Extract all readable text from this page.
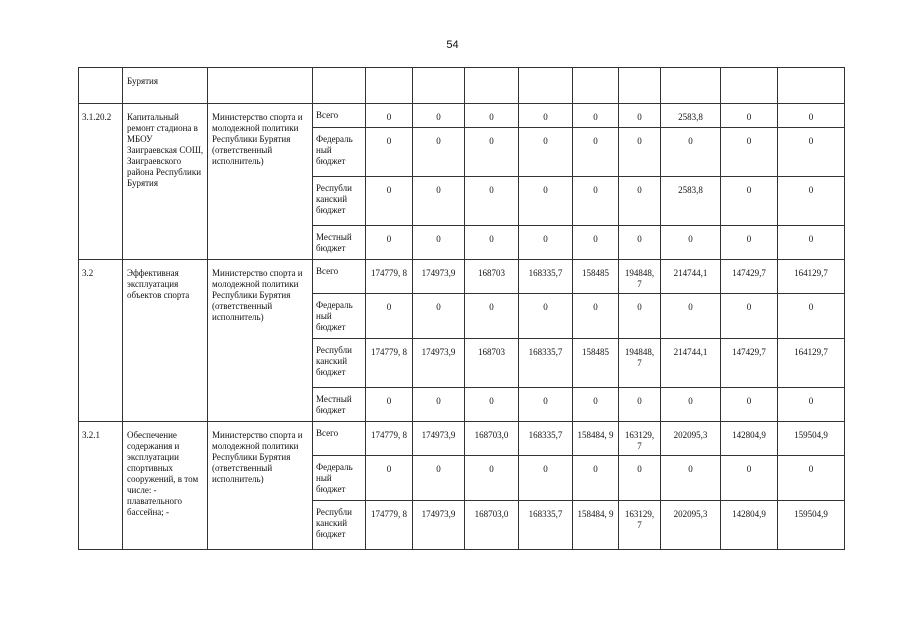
54
	Бурятия											
3.1.20.2	Капитальный ремонт стадиона в МБОУ Заиграевская СОШ, Заиграевского района Республики Бурятия	Министерство спорта и молодежной политики Республики Бурятия (ответственный исполнитель)	Всего	0	0	0	0	0	0	2583,8	0	0
			Федераль ный бюджет	0	0	0	0	0	0	0	0	0
			Республи канский бюджет	0	0	0	0	0	0	2583,8	0	0
			Местный бюджет	0	0	0	0	0	0	0	0	0
3.2	Эффективная эксплуатация объектов спорта	Министерство спорта и молодежной политики Республики Бурятия (ответственный исполнитель)	Всего	174779, 8	174973,9	168703	168335,7	158485	194848, 7	214744,1	147429,7	164129,7
			Федераль ный бюджет	0	0	0	0	0	0	0	0	0
			Республи канский бюджет	174779, 8	174973,9	168703	168335,7	158485	194848, 7	214744,1	147429,7	164129,7
			Местный бюджет	0	0	0	0	0	0	0	0	0
3.2.1	Обеспечение содержания и эксплуатации спортивных сооружений, в том числе: - плавательного бассейна; -	Министерство спорта и молодежной политики Республики Бурятия (ответственный исполнитель)	Всего	174779, 8	174973,9	168703,0	168335,7	158484, 9	163129, 7	202095,3	142804,9	159504,9
			Федераль ный бюджет	0	0	0	0	0	0	0	0	0
			Республи канский бюджет	174779, 8	174973,9	168703,0	168335,7	158484, 9	163129, 7	202095,3	142804,9	159504,9
